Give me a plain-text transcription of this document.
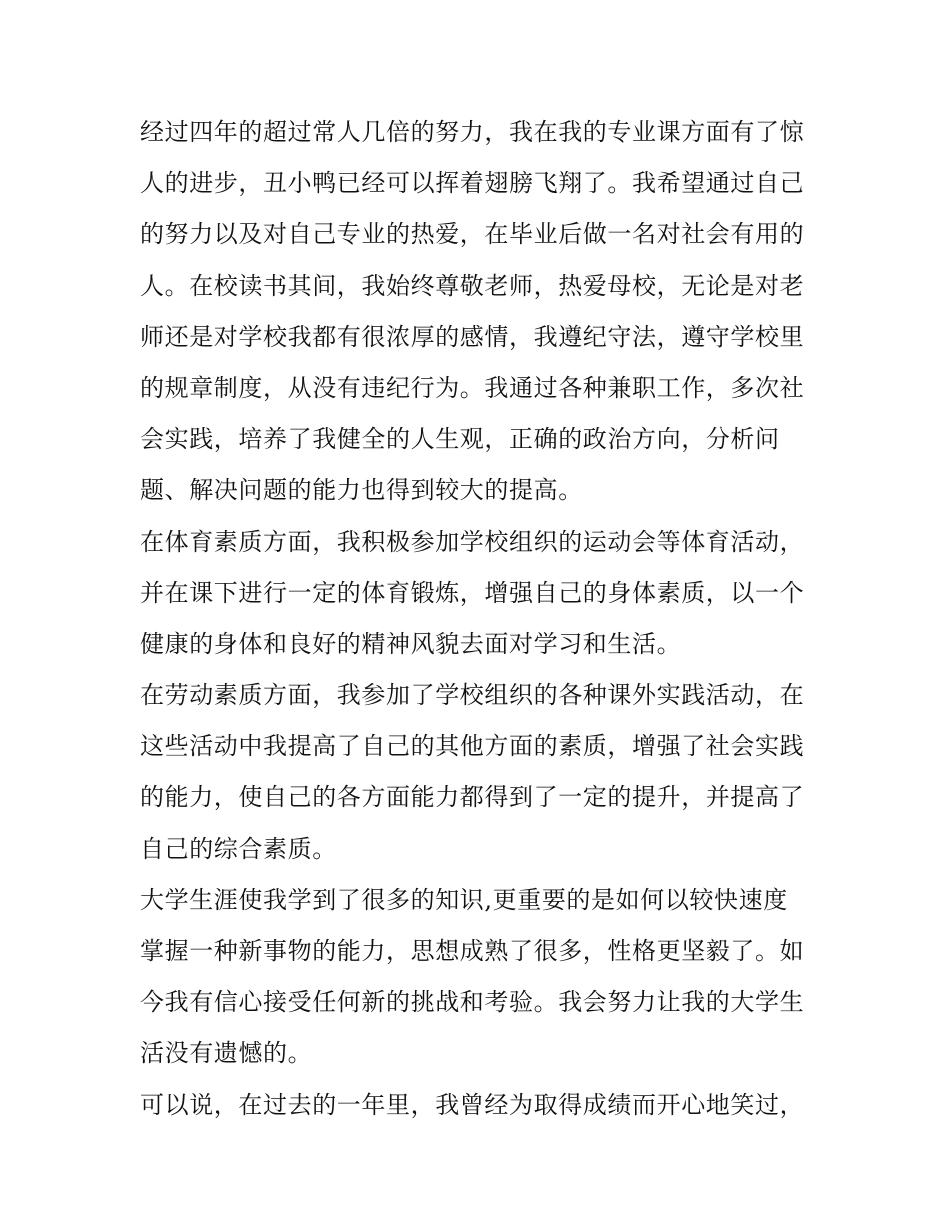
经过四年的超过常人几倍的努力，我在我的专业课方面有了惊
人的进步，丑小鸭已经可以挥着翅膀飞翔了。我希望通过自己
的努力以及对自己专业的热爱，在毕业后做一名对社会有用的
人。在校读书其间，我始终尊敬老师，热爱母校，无论是对老
师还是对学校我都有很浓厚的感情，我遵纪守法，遵守学校里
的规章制度，从没有违纪行为。我通过各种兼职工作，多次社
会实践，培养了我健全的人生观，正确的政治方向，分析问
题、解决问题的能力也得到较大的提高。
在体育素质方面，我积极参加学校组织的运动会等体育活动，
并在课下进行一定的体育锻炼，增强自己的身体素质，以一个
健康的身体和良好的精神风貌去面对学习和生活。
在劳动素质方面，我参加了学校组织的各种课外实践活动，在
这些活动中我提高了自己的其他方面的素质，增强了社会实践
的能力，使自己的各方面能力都得到了一定的提升，并提高了
自己的综合素质。
大学生涯使我学到了很多的知识,更重要的是如何以较快速度
掌握一种新事物的能力，思想成熟了很多，性格更坚毅了。如
今我有信心接受任何新的挑战和考验。我会努力让我的大学生
活没有遗憾的。
可以说，在过去的一年里，我曾经为取得成绩而开心地笑过，
